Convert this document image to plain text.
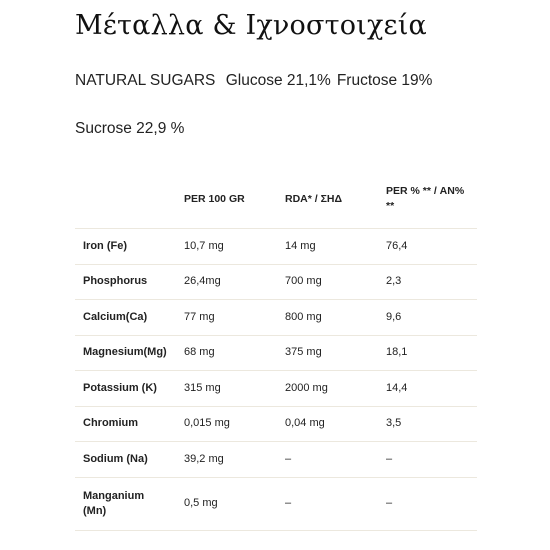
Μέταλλα & Ιχνοστοιχεία

NATURAL SUGARS Glucose 21,1% Fructose 19%

Sucrose 22,9 %

	PER 100 GR	RDA* / ΣΗΔ	PER % ** / ΑΝ% **
Iron (Fe)	10,7 mg	14 mg	76,4
Phosphorus	26,4mg	700 mg	2,3
Calcium(Ca)	77 mg	800 mg	9,6
Magnesium(Mg)	68 mg	375 mg	18,1
Potassium (K)	315 mg	2000 mg	14,4
Chromium	0,015 mg	0,04 mg	3,5
Sodium (Na)	39,2 mg	–	–
Manganium (Mn)	0,5 mg	–	–
